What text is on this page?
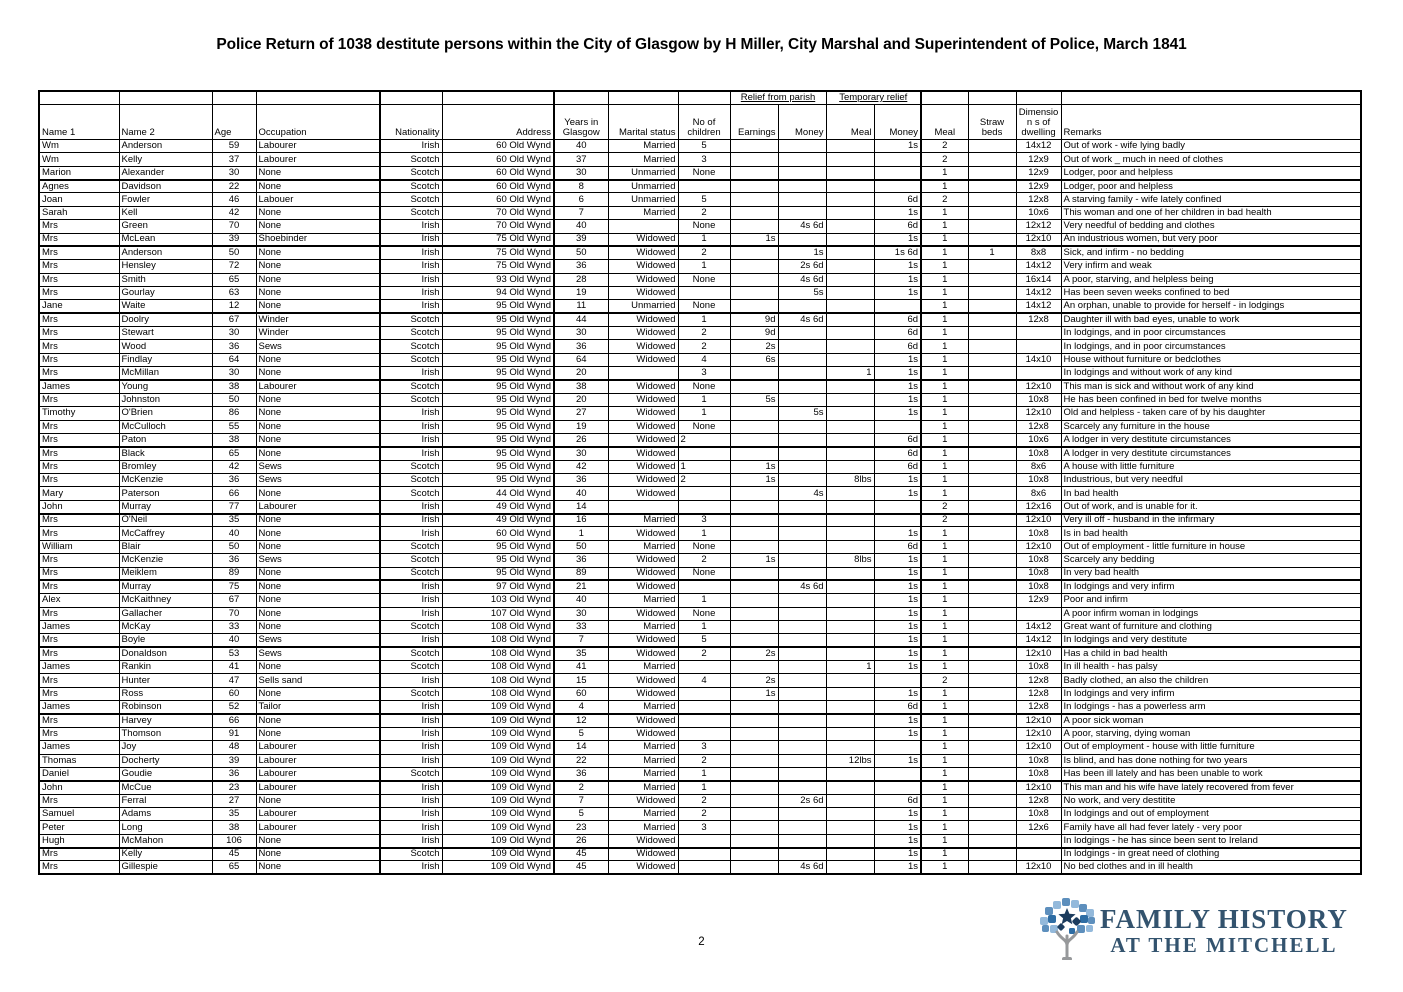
Police Return of 1038 destitute persons within the City of Glasgow by H Miller, City Marshal and Superintendent of Police, March 1841
									Relief from parish		Temporary relief					
Name 1	Name 2	Age	Occupation	Nationality	Address	Years in Glasgow	Marital status	No of children	Earnings	Money	Meal	Money	Meal	Straw beds	Dimension s of dwelling	Remarks
Wm	Anderson	59	Labourer	Irish	60 Old Wynd	40	Married	5				1s	2		14x12	Out of work - wife lying badly
Wm	Kelly	37	Labourer	Scotch	60 Old Wynd	37	Married	3					2		12x9	Out of work _ much in need of clothes
Marion	Alexander	30	None	Scotch	60 Old Wynd	30	Unmarried	None					1		12x9	Lodger, poor and helpless
Agnes	Davidson	22	None	Scotch	60 Old Wynd	8	Unmarried						1		12x9	Lodger, poor and helpless
Joan	Fowler	46	Labouer	Scotch	60 Old Wynd	6	Unmarried	5				6d	2		12x8	A starving family - wife lately confined
Sarah	Kell	42	None	Scotch	70 Old Wynd	7	Married	2				1s	1		10x6	This woman and one of her children in bad health
Mrs	Green	70	None	Irish	70 Old Wynd	40		None		4s 6d		6d	1		12x12	Very needful of bedding and clothes
Mrs	McLean	39	Shoebinder	Irish	75 Old Wynd	39	Widowed	1	1s			1s	1		12x10	An industrious women, but very poor
Mrs	Anderson	50	None	Irish	75 Old Wynd	50	Widowed	2		1s		1s 6d	1	1	8x8	Sick, and infirm - no bedding
Mrs	Hensley	72	None	Irish	75 Old Wynd	36	Widowed	1		2s 6d		1s	1		14x12	Very infirm and weak
Mrs	Smith	65	None	Irish	93 Old Wynd	28	Widowed	None		4s 6d		1s	1		16x14	A poor, starving, and helpless being
Mrs	Gourlay	63	None	Irish	94 Old Wynd	19	Widowed			5s		1s	1		14x12	Has been seven weeks confined to bed
Jane	Waite	12	None	Irish	95 Old Wynd	11	Unmarried	None					1		14x12	An orphan, unable to provide for herself - in lodgings
Mrs	Doolry	67	Winder	Scotch	95 Old Wynd	44	Widowed	1	9d	4s 6d		6d	1		12x8	Daughter ill with bad eyes, unable to work
Mrs	Stewart	30	Winder	Scotch	95 Old Wynd	30	Widowed	2	9d			6d	1			In lodgings, and in poor circumstances
Mrs	Wood	36	Sews	Scotch	95 Old Wynd	36	Widowed	2	2s			6d	1			In lodgings, and in poor circumstances
Mrs	Findlay	64	None	Scotch	95 Old Wynd	64	Widowed	4	6s			1s	1		14x10	House without furniture or bedclothes
Mrs	McMillan	30	None	Irish	95 Old Wynd	20		3			1	1s	1			In lodgings and without work of any kind
James	Young	38	Labourer	Scotch	95 Old Wynd	38	Widowed	None				1s	1		12x10	This man is sick and without work of any kind
Mrs	Johnston	50	None	Scotch	95 Old Wynd	20	Widowed	1	5s			1s	1		10x8	He has been confined in bed for twelve months
Timothy	O'Brien	86	None	Irish	95 Old Wynd	27	Widowed	1		5s		1s	1		12x10	Old and helpless - taken care of by his daughter
Mrs	McCulloch	55	None	Irish	95 Old Wynd	19	Widowed	None					1		12x8	Scarcely any furniture in the house
Mrs	Paton	38	None	Irish	95 Old Wynd	26	Widowed	2				6d	1		10x6	A lodger in very destitute circumstances
Mrs	Black	65	None	Irish	95 Old Wynd	30	Widowed					6d	1		10x8	A lodger in very destitute circumstances
Mrs	Bromley	42	Sews	Scotch	95 Old Wynd	42	Widowed	1	1s			6d	1		8x6	A house with little furniture
Mrs	McKenzie	36	Sews	Scotch	95 Old Wynd	36	Widowed	2	1s		8lbs	1s	1		10x8	Industrious, but very needful
Mary	Paterson	66	None	Scotch	44 Old Wynd	40	Widowed			4s		1s	1		8x6	In bad health
John	Murray	77	Labourer	Irish	49 Old Wynd	14							2		12x16	Out of work, and is unable for it.
Mrs	O'Neil	35	None	Irish	49 Old Wynd	16	Married	3					2		12x10	Very ill off - husband in the infirmary
Mrs	McCaffrey	40	None	Irish	60 Old Wynd	1	Widowed	1				1s	1		10x8	Is in bad health
William	Blair	50	None	Scotch	95 Old Wynd	50	Married	None				6d	1		12x10	Out of employment - little furniture in house
Mrs	McKenzie	36	Sews	Scotch	95 Old Wynd	36	Widowed	2	1s		8lbs	1s	1		10x8	Scarcely any bedding
Mrs	Meiklem	89	None	Scotch	95 Old Wynd	89	Widowed	None				1s	1		10x8	In very bad health
Mrs	Murray	75	None	Irish	97 Old Wynd	21	Widowed			4s 6d		1s	1		10x8	In lodgings and very infirm
Alex	McKaithney	67	None	Irish	103 Old Wynd	40	Married	1				1s	1		12x9	Poor and infirm
Mrs	Gallacher	70	None	Irish	107 Old Wynd	30	Widowed	None				1s	1			A poor infirm woman in lodgings
James	McKay	33	None	Scotch	108 Old Wynd	33	Married	1				1s	1		14x12	Great want of furniture and clothing
Mrs	Boyle	40	Sews	Irish	108 Old Wynd	7	Widowed	5				1s	1		14x12	In lodgings and very destitute
Mrs	Donaldson	53	Sews	Scotch	108 Old Wynd	35	Widowed	2	2s			1s	1		12x10	Has a child in bad health
James	Rankin	41	None	Scotch	108 Old Wynd	41	Married				1	1s	1		10x8	In ill health - has palsy
Mrs	Hunter	47	Sells sand	Irish	108 Old Wynd	15	Widowed	4	2s				2		12x8	Badly clothed, an also the children
Mrs	Ross	60	None	Scotch	108 Old Wynd	60	Widowed		1s			1s	1		12x8	In lodgings and very infirm
James	Robinson	52	Tailor	Irish	109 Old Wynd	4	Married					6d	1		12x8	In lodgings - has a powerless arm
Mrs	Harvey	66	None	Irish	109 Old Wynd	12	Widowed					1s	1		12x10	A poor sick woman
Mrs	Thomson	91	None	Irish	109 Old Wynd	5	Widowed					1s	1		12x10	A poor, starving, dying woman
James	Joy	48	Labourer	Irish	109 Old Wynd	14	Married	3					1		12x10	Out of employment - house with little furniture
Thomas	Docherty	39	Labourer	Irish	109 Old Wynd	22	Married	2			12lbs	1s	1		10x8	Is blind, and has done nothing for two years
Daniel	Goudie	36	Labourer	Scotch	109 Old Wynd	36	Married	1					1		10x8	Has been ill lately and has been unable to work
John	McCue	23	Labourer	Irish	109 Old Wynd	2	Married	1					1		12x10	This man and his wife have lately recovered from fever
Mrs	Ferral	27	None	Irish	109 Old Wynd	7	Widowed	2		2s 6d		6d	1		12x8	No work, and very destitite
Samuel	Adams	35	Labourer	Irish	109 Old Wynd	5	Married	2				1s	1		10x8	In lodgings and out of employment
Peter	Long	38	Labourer	Irish	109 Old Wynd	23	Married	3				1s	1		12x6	Family have all had fever lately - very poor
Hugh	McMahon	106	None	Irish	109 Old Wynd	26	Widowed					1s	1			In lodgings - he has since been sent to Ireland
Mrs	Kelly	45	None	Scotch	109 Old Wynd	45	Widowed					1s	1			In lodgings - in great need of clothing
Mrs	Gillespie	65	None	Irish	109 Old Wynd	45	Widowed			4s 6d		1s	1		12x10	No bed clothes and in ill health
FAMILY HISTORY
AT THE MITCHELL
2
